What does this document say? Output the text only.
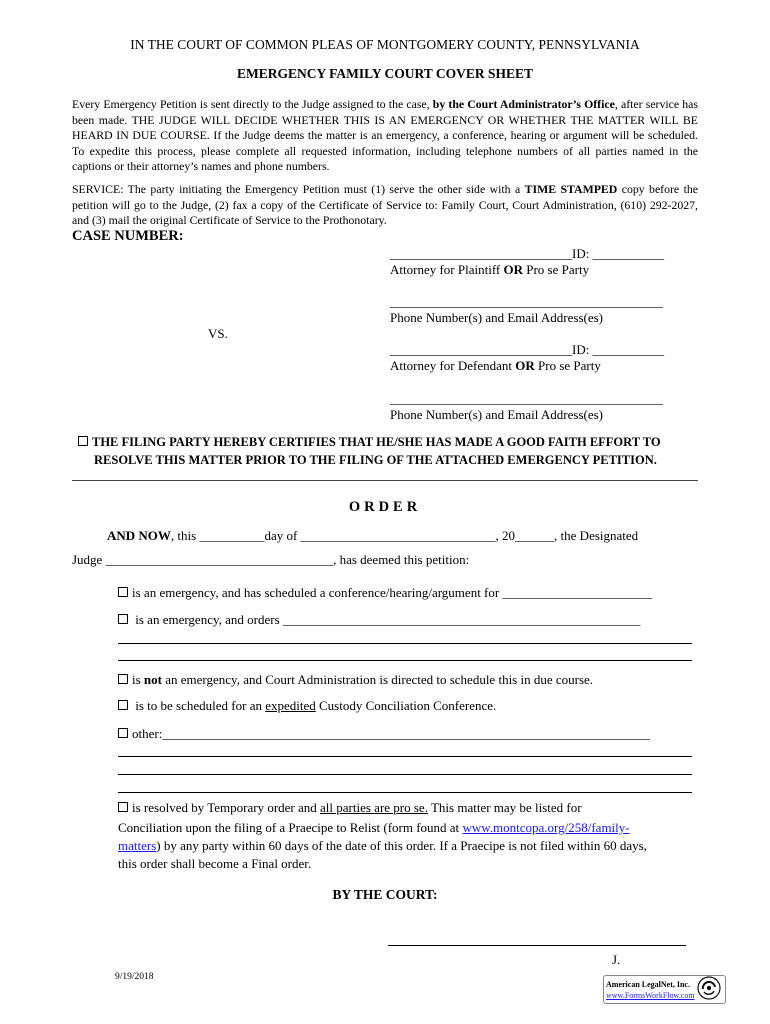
IN THE COURT OF COMMON PLEAS OF MONTGOMERY COUNTY, PENNSYLVANIA
EMERGENCY FAMILY COURT COVER SHEET
Every Emergency Petition is sent directly to the Judge assigned to the case, by the Court Administrator’s Office, after service has been made. THE JUDGE WILL DECIDE WHETHER THIS IS AN EMERGENCY OR WHETHER THE MATTER WILL BE HEARD IN DUE COURSE. If the Judge deems the matter is an emergency, a conference, hearing or argument will be scheduled. To expedite this process, please complete all requested information, including telephone numbers of all parties named in the captions or their attorney’s names and phone numbers.
SERVICE: The party initiating the Emergency Petition must (1) serve the other side with a TIME STAMPED copy before the petition will go to the Judge, (2) fax a copy of the Certificate of Service to: Family Court, Court Administration, (610) 292-2027, and (3) mail the original Certificate of Service to the Prothonotary.
CASE NUMBER:
____________________________ID: ___________
Attorney for Plaintiff OR Pro se Party
__________________________________________
Phone Number(s) and Email Address(es)
VS.
____________________________ID: ___________
Attorney for Defendant OR Pro se Party
__________________________________________
Phone Number(s) and Email Address(es)
THE FILING PARTY HEREBY CERTIFIES THAT HE/SHE HAS MADE A GOOD FAITH EFFORT TO
RESOLVE THIS MATTER PRIOR TO THE FILING OF THE ATTACHED EMERGENCY PETITION.
ORDER
AND NOW, this __________day of ______________________________, 20______, the Designated
Judge ___________________________________, has deemed this petition:
is an emergency, and has scheduled a conference/hearing/argument for _______________________
is an emergency, and orders _______________________________________________________
is not an emergency, and Court Administration is directed to schedule this in due course.
is to be scheduled for an expedited Custody Conciliation Conference.
other:___________________________________________________________________________
is resolved by Temporary order and all parties are pro se. This matter may be listed for
Conciliation upon the filing of a Praecipe to Relist (form found at www.montcopa.org/258/family-
matters) by any party within 60 days of the date of this order. If a Praecipe is not filed within 60 days,
this order shall become a Final order.
BY THE COURT:
J.
9/19/2018
American LegalNet, Inc.
www.FormsWorkFlow.com
